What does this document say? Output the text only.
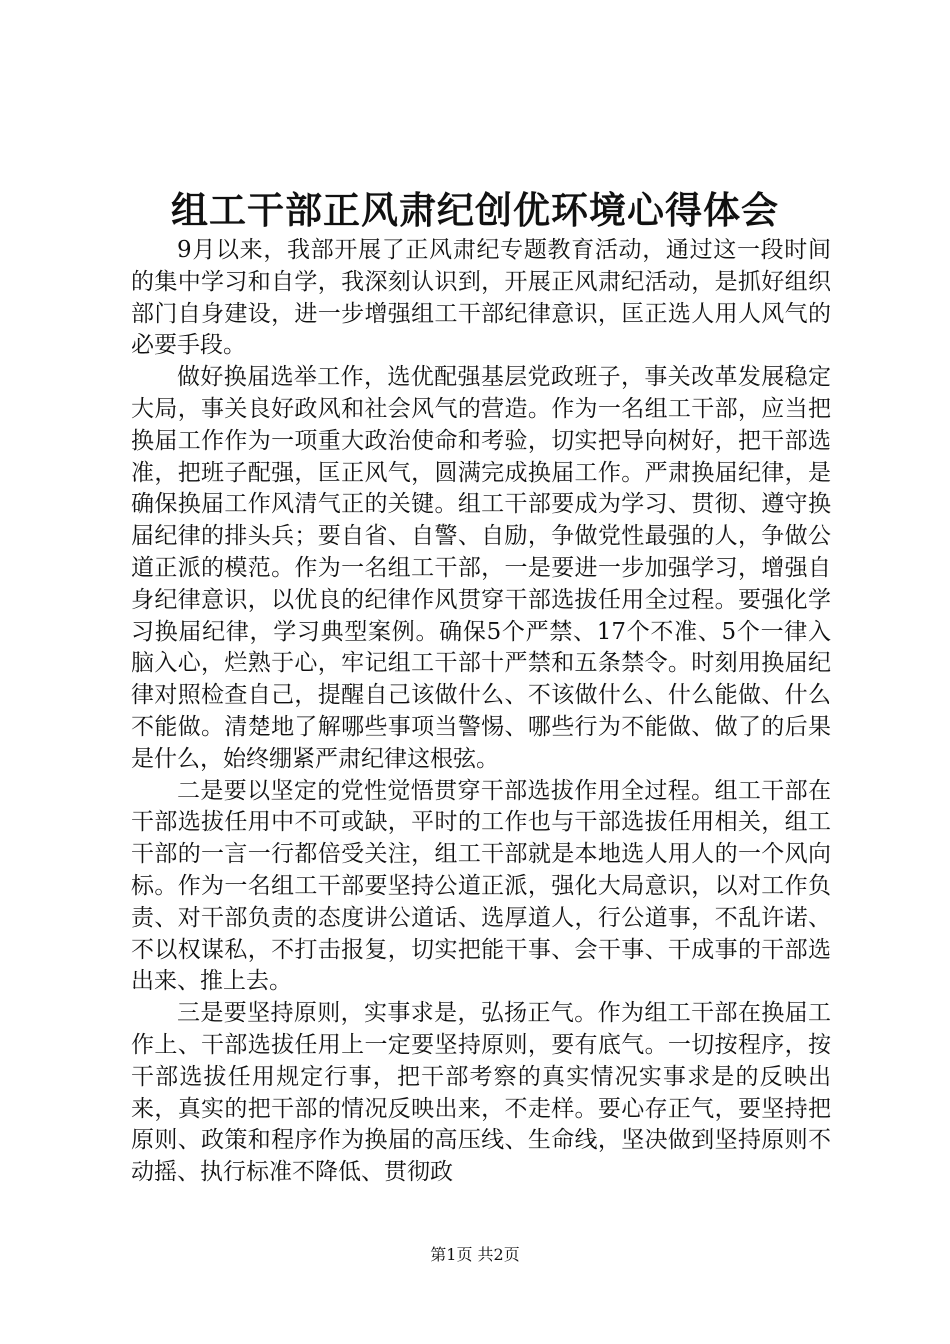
组工干部正风肃纪创优环境心得体会

9月以来，我部开展了正风肃纪专题教育活动，通过这一段时间的集中学习和自学，我深刻认识到，开展正风肃纪活动，是抓好组织部门自身建设，进一步增强组工干部纪律意识，匡正选人用人风气的必要手段。

做好换届选举工作，选优配强基层党政班子，事关改革发展稳定大局，事关良好政风和社会风气的营造。作为一名组工干部，应当把换届工作作为一项重大政治使命和考验，切实把导向树好，把干部选准，把班子配强，匡正风气，圆满完成换届工作。严肃换届纪律，是确保换届工作风清气正的关键。组工干部要成为学习、贯彻、遵守换届纪律的排头兵；要自省、自警、自励，争做党性最强的人，争做公道正派的模范。作为一名组工干部，一是要进一步加强学习，增强自身纪律意识，以优良的纪律作风贯穿干部选拔任用全过程。要强化学习换届纪律，学习典型案例。确保5个严禁、17个不准、5个一律入脑入心，烂熟于心，牢记组工干部十严禁和五条禁令。时刻用换届纪律对照检查自己，提醒自己该做什么、不该做什么、什么能做、什么不能做。清楚地了解哪些事项当警惕、哪些行为不能做、做了的后果是什么，始终绷紧严肃纪律这根弦。

二是要以坚定的党性觉悟贯穿干部选拔作用全过程。组工干部在干部选拔任用中不可或缺，平时的工作也与干部选拔任用相关，组工干部的一言一行都倍受关注，组工干部就是本地选人用人的一个风向标。作为一名组工干部要坚持公道正派，强化大局意识，以对工作负责、对干部负责的态度讲公道话、选厚道人，行公道事，不乱许诺、不以权谋私，不打击报复，切实把能干事、会干事、干成事的干部选出来、推上去。

三是要坚持原则，实事求是，弘扬正气。作为组工干部在换届工作上、干部选拔任用上一定要坚持原则，要有底气。一切按程序，按干部选拔任用规定行事，把干部考察的真实情况实事求是的反映出来，真实的把干部的情况反映出来，不走样。要心存正气，要坚持把原则、政策和程序作为换届的高压线、生命线，坚决做到坚持原则不动摇、执行标准不降低、贯彻政

第1页 共2页
